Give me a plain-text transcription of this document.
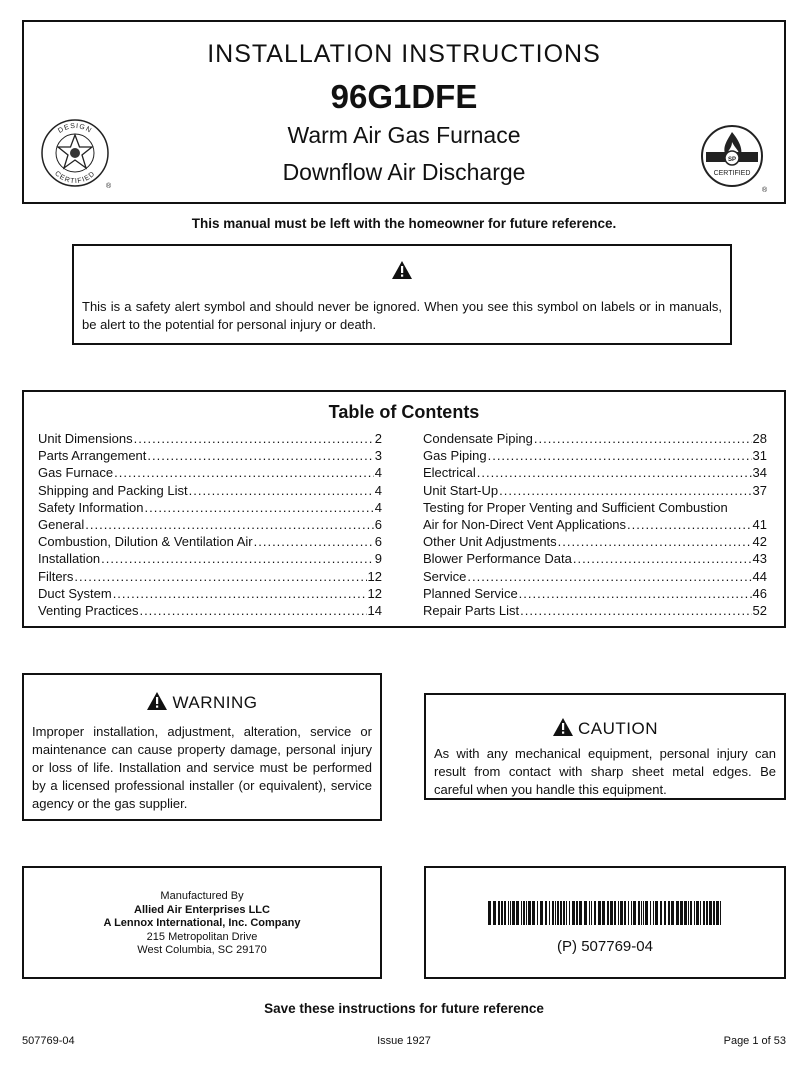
INSTALLATION INSTRUCTIONS
96G1DFE
Warm Air Gas Furnace
Downflow Air Discharge
DESIGN
CERTIFIED
®
SP
CERTIFIED
®
This manual must be left with the homeowner for future reference.
This is a safety alert symbol and should never be ignored. When you see this symbol on labels or in manuals, be alert to the potential for personal injury or death.
Table of Contents
Unit Dimensions .....	2
Parts Arrangement .....	3
Gas Furnace .....	4
Shipping and Packing List .....	4
Safety Information .....	4
General .....	6
Combustion, Dilution & Ventilation Air .....	6
Installation .....	9
Filters .....	12
Duct System .....	12
Venting Practices .....	14
Condensate Piping .....	28
Gas Piping .....	31
Electrical .....	34
Unit Start-Up .....	37
Testing for Proper Venting and Sufficient Combustion
Air for Non-Direct Vent Applications .....	41
Other Unit Adjustments .....	42
Blower Performance Data .....	43
Service .....	44
Planned Service .....	46
Repair Parts List .....	52
WARNING
Improper installation, adjustment, alteration, service or maintenance can cause property damage, personal injury or loss of life. Installation and service must be performed by a licensed professional installer (or equivalent), service agency or the gas supplier.
CAUTION
As with any mechanical equipment, personal injury can result from contact with sharp sheet metal edges. Be careful when you handle this equipment.
Manufactured By
Allied Air Enterprises LLC
A Lennox International, Inc. Company
215 Metropolitan Drive
West Columbia, SC 29170	(P) 507769-04
Save these instructions for future reference
507769-04	Issue 1927	Page 1 of 53
